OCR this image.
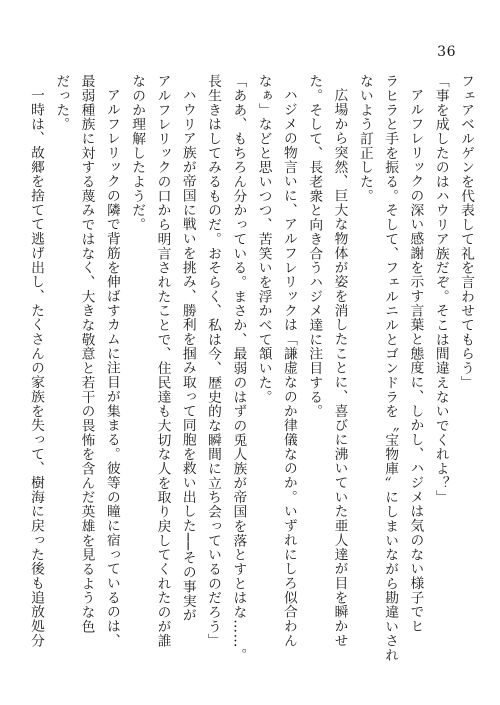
36
フェアベルゲンを代表して礼を言わせてもらう」
「事を成したのはハウリア族だぞ。そこは間違えないでくれよ？」
アルフレリックの深い感謝を示す言葉と態度に、しかし、ハジメは気のない様子でヒ
ラヒラと手を振る。そして、フェルニルとゴンドラを〝宝物庫〟にしまいながら勘違いされ
ないよう訂正した。
広場から突然、巨大な物体が姿を消したことに、喜びに沸いていた亜人達が目を瞬かせ
た。そして、長老衆と向き合うハジメ達に注目する。
ハジメの物言いに、アルフレリックは「謙虚なのか律儀なのか。いずれにしろ似合わん
なぁ」などと思いつつ、苦笑いを浮かべて頷いた。
「ああ、もちろん分かっている。まさか、最弱のはずの兎人族が帝国を落とすとはな……。
長生きはしてみるものだ。おそらく、私は今、歴史的な瞬間に立ち会っているのだろう」
ハウリア族が帝国に戦いを挑み、勝利を掴み取って同胞を救い出した──その事実が
アルフレリックの口から明言されたことで、住民達も大切な人を取り戻してくれたのが誰
なのか理解したようだ。
アルフレリックの隣で背筋を伸ばすカムに注目が集まる。彼等の瞳に宿っているのは、
最弱種族に対する蔑みではなく、大きな敬意と若干の畏怖を含んだ英雄を見るような色
だった。
一時は、故郷を捨てて逃げ出し、たくさんの家族を失って、樹海に戻った後も追放処分
